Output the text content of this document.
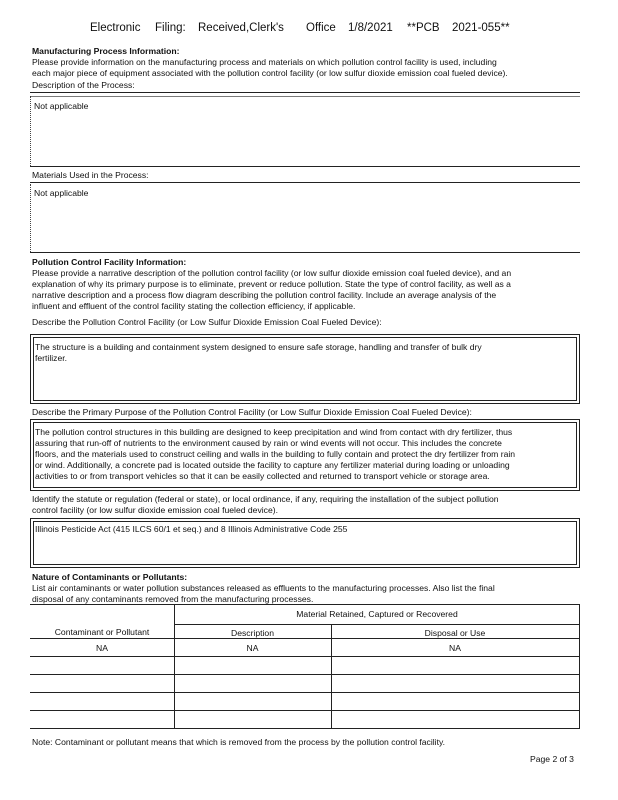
Electronic Filing: Received,Clerk's Office 1/8/2021 **PCB 2021-055**
Manufacturing Process Information:
Please provide information on the manufacturing process and materials on which pollution control facility is used, including
each major piece of equipment associated with the pollution control facility (or low sulfur dioxide emission coal fueled device).
Description of the Process:
Not applicable
Materials Used in the Process:
Not applicable
Pollution Control Facility Information:
Please provide a narrative description of the pollution control facility (or low sulfur dioxide emission coal fueled device), and an
explanation of why its primary purpose is to eliminate, prevent or reduce pollution. State the type of control facility, as well as a
narrative description and a process flow diagram describing the pollution control facility. Include an average analysis of the
influent and effluent of the control facility stating the collection efficiency, if applicable.
Describe the Pollution Control Facility (or Low Sulfur Dioxide Emission Coal Fueled Device):
The structure is a building and containment system designed to ensure safe storage, handling and transfer of bulk dry
fertilizer.
Describe the Primary Purpose of the Pollution Control Facility (or Low Sulfur Dioxide Emission Coal Fueled Device):
The pollution control structures in this building are designed to keep precipitation and wind from contact with dry fertilizer, thus
assuring that run-off of nutrients to the environment caused by rain or wind events will not occur. This includes the concrete
floors, and the materials used to construct ceiling and walls in the building to fully contain and protect the dry fertilizer from rain
or wind. Additionally, a concrete pad is located outside the facility to capture any fertilizer material during loading or unloading
activities to or from transport vehicles so that it can be easily collected and returned to transport vehicle or storage area.
Identify the statute or regulation (federal or state), or local ordinance, if any, requiring the installation of the subject pollution
control facility (or low sulfur dioxide emission coal fueled device).
Illinois Pesticide Act (415 ILCS 60/1 et seq.) and 8 Illinois Administrative Code 255
Nature of Contaminants or Pollutants:
List air contaminants or water pollution substances released as effluents to the manufacturing processes. Also list the final
disposal of any contaminants removed from the manufacturing processes.
Material Retained, Captured or Recovered
Contaminant or Pollutant	Description	Disposal or Use
NA	NA	NA
Note: Contaminant or pollutant means that which is removed from the process by the pollution control facility.
Page 2 of 3
